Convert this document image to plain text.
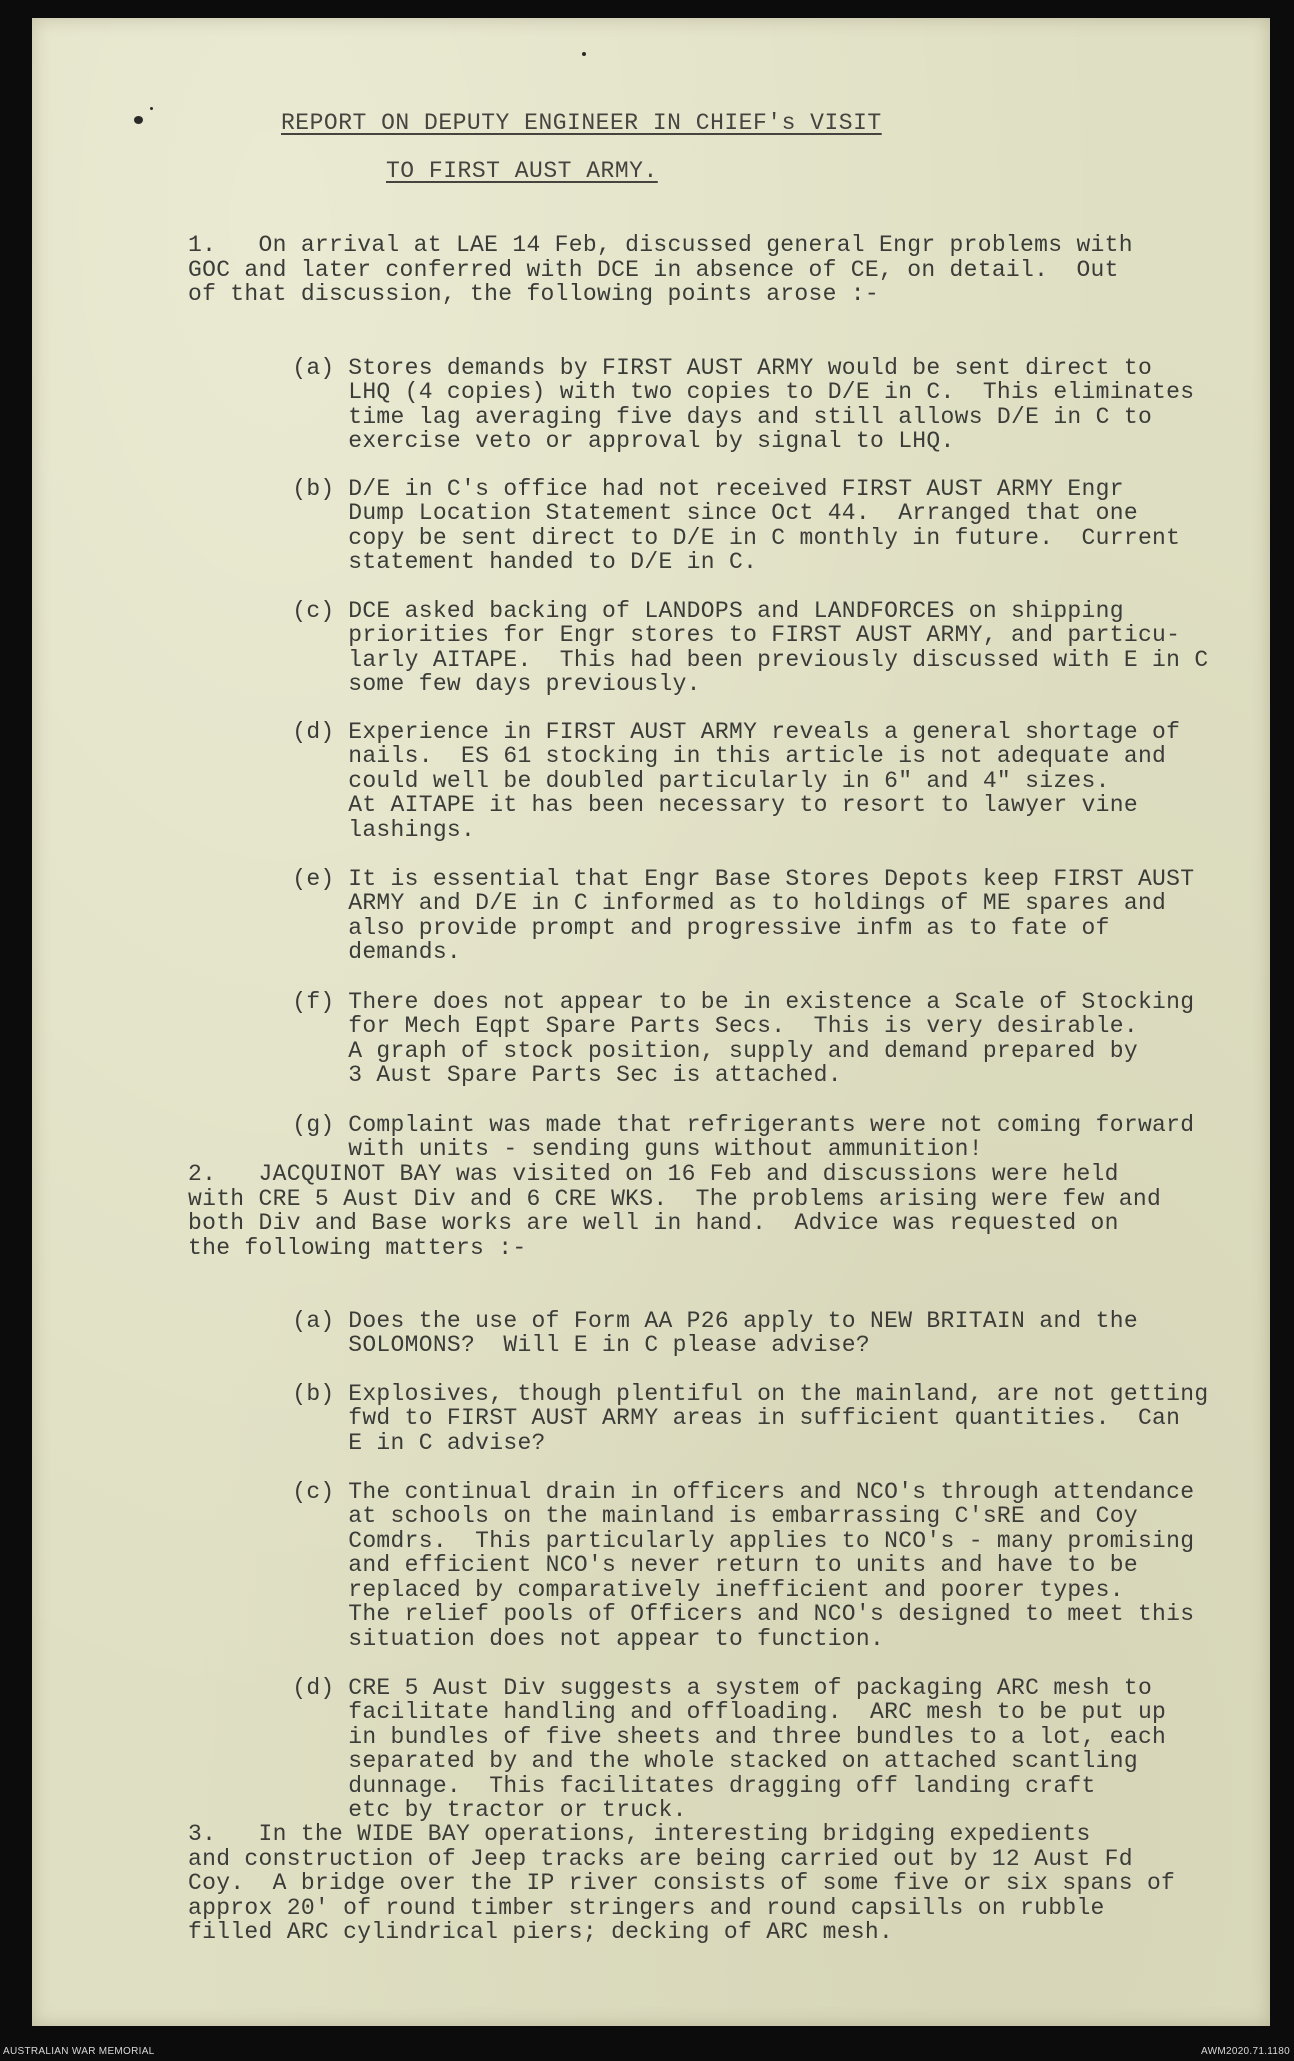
REPORT ON DEPUTY ENGINEER IN CHIEF's VISIT
TO FIRST AUST ARMY.

1.   On arrival at LAE 14 Feb, discussed general Engr problems with
GOC and later conferred with DCE in absence of CE, on detail.  Out
of that discussion, the following points arose :-

(a) Stores demands by FIRST AUST ARMY would be sent direct to
LHQ (4 copies) with two copies to D/E in C.  This eliminates
time lag averaging five days and still allows D/E in C to
exercise veto or approval by signal to LHQ.

(b) D/E in C's office had not received FIRST AUST ARMY Engr
Dump Location Statement since Oct 44.  Arranged that one
copy be sent direct to D/E in C monthly in future.  Current
statement handed to D/E in C.

(c) DCE asked backing of LANDOPS and LANDFORCES on shipping
priorities for Engr stores to FIRST AUST ARMY, and particu-
larly AITAPE.  This had been previously discussed with E in C
some few days previously.

(d) Experience in FIRST AUST ARMY reveals a general shortage of
nails.  ES 61 stocking in this article is not adequate and
could well be doubled particularly in 6" and 4" sizes.
At AITAPE it has been necessary to resort to lawyer vine
lashings.

(e) It is essential that Engr Base Stores Depots keep FIRST AUST
ARMY and D/E in C informed as to holdings of ME spares and
also provide prompt and progressive infm as to fate of
demands.

(f) There does not appear to be in existence a Scale of Stocking
for Mech Eqpt Spare Parts Secs.  This is very desirable.
A graph of stock position, supply and demand prepared by
3 Aust Spare Parts Sec is attached.

(g) Complaint was made that refrigerants were not coming forward
with units - sending guns without ammunition!

2.   JACQUINOT BAY was visited on 16 Feb and discussions were held
with CRE 5 Aust Div and 6 CRE WKS.  The problems arising were few and
both Div and Base works are well in hand.  Advice was requested on
the following matters :-

(a) Does the use of Form AA P26 apply to NEW BRITAIN and the
SOLOMONS?  Will E in C please advise?

(b) Explosives, though plentiful on the mainland, are not getting
fwd to FIRST AUST ARMY areas in sufficient quantities.  Can
E in C advise?

(c) The continual drain in officers and NCO's through attendance
at schools on the mainland is embarrassing C'sRE and Coy
Comdrs.  This particularly applies to NCO's - many promising
and efficient NCO's never return to units and have to be
replaced by comparatively inefficient and poorer types.
The relief pools of Officers and NCO's designed to meet this
situation does not appear to function.

(d) CRE 5 Aust Div suggests a system of packaging ARC mesh to
facilitate handling and offloading.  ARC mesh to be put up
in bundles of five sheets and three bundles to a lot, each
separated by and the whole stacked on attached scantling
dunnage.  This facilitates dragging off landing craft
etc by tractor or truck.

3.   In the WIDE BAY operations, interesting bridging expedients
and construction of Jeep tracks are being carried out by 12 Aust Fd
Coy.  A bridge over the IP river consists of some five or six spans of
approx 20' of round timber stringers and round capsills on rubble
filled ARC cylindrical piers; decking of ARC mesh.

AUSTRALIAN WAR MEMORIAL	AWM2020.71.1180
